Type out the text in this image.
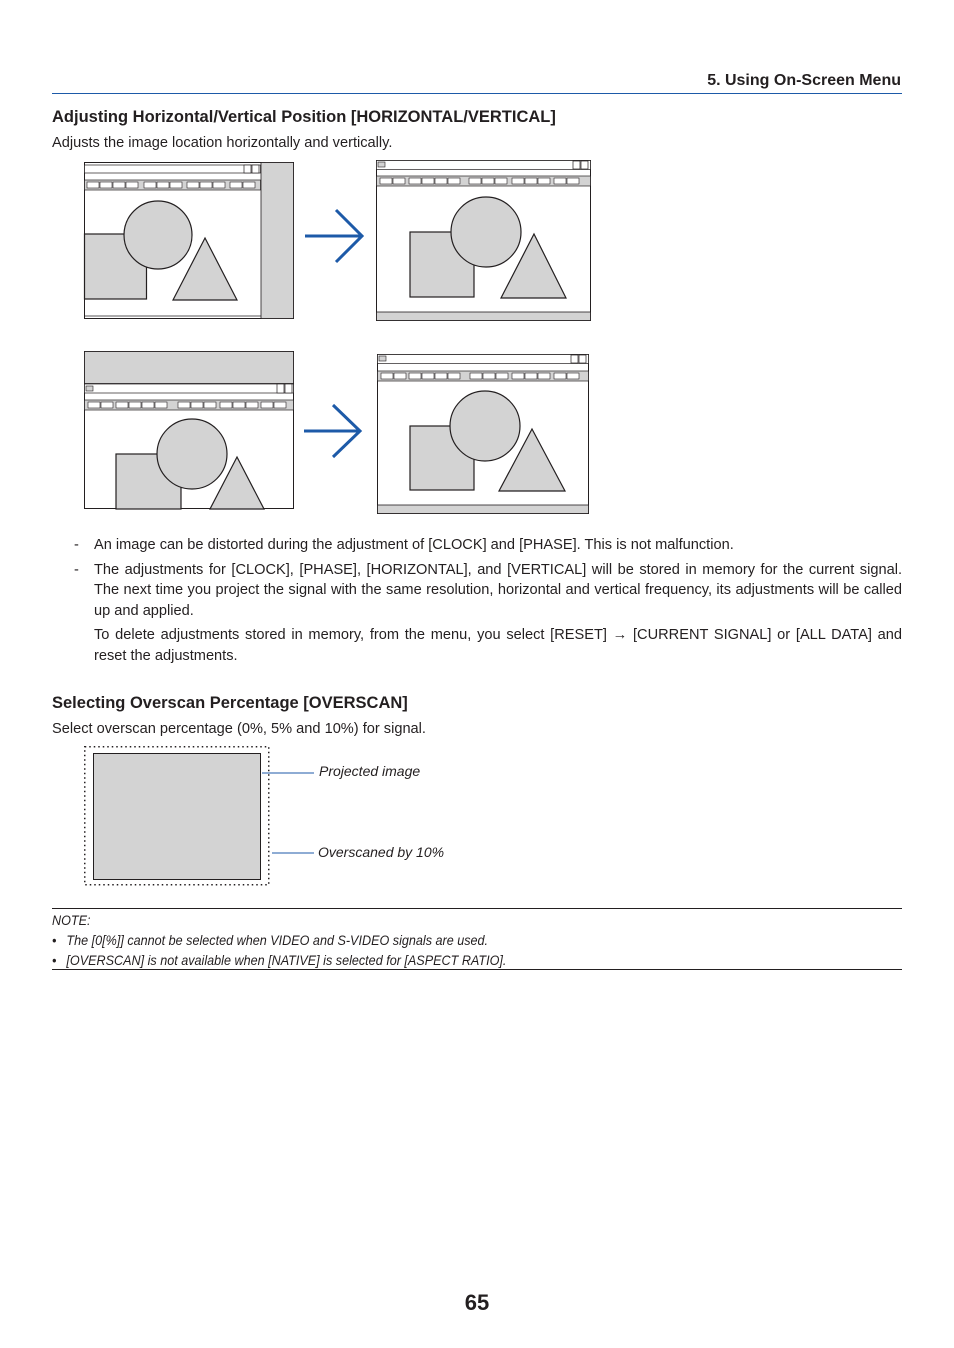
5. Using On-Screen Menu
Adjusting Horizontal/Vertical Position [HORIZONTAL/VERTICAL]

Adjusts the image location horizontally and vertically.

- An image can be distorted during the adjustment of [CLOCK] and [PHASE]. This is not malfunction.
- The adjustments for [CLOCK], [PHASE], [HORIZONTAL], and [VERTICAL] will be stored in memory for the current signal. The next time you project the signal with the same resolution, horizontal and vertical frequency, its adjustments will be called up and applied.
To delete adjustments stored in memory, from the menu, you select [RESET] → [CURRENT SIGNAL] or [ALL DATA] and reset the adjustments.
Selecting Overscan Percentage [OVERSCAN]

Select overscan percentage (0%, 5% and 10%) for signal.

Projected image
Overscaned by 10%
NOTE:
• The [0[%]] cannot be selected when VIDEO and S-VIDEO signals are used.
• [OVERSCAN] is not available when [NATIVE] is selected for [ASPECT RATIO].
65
